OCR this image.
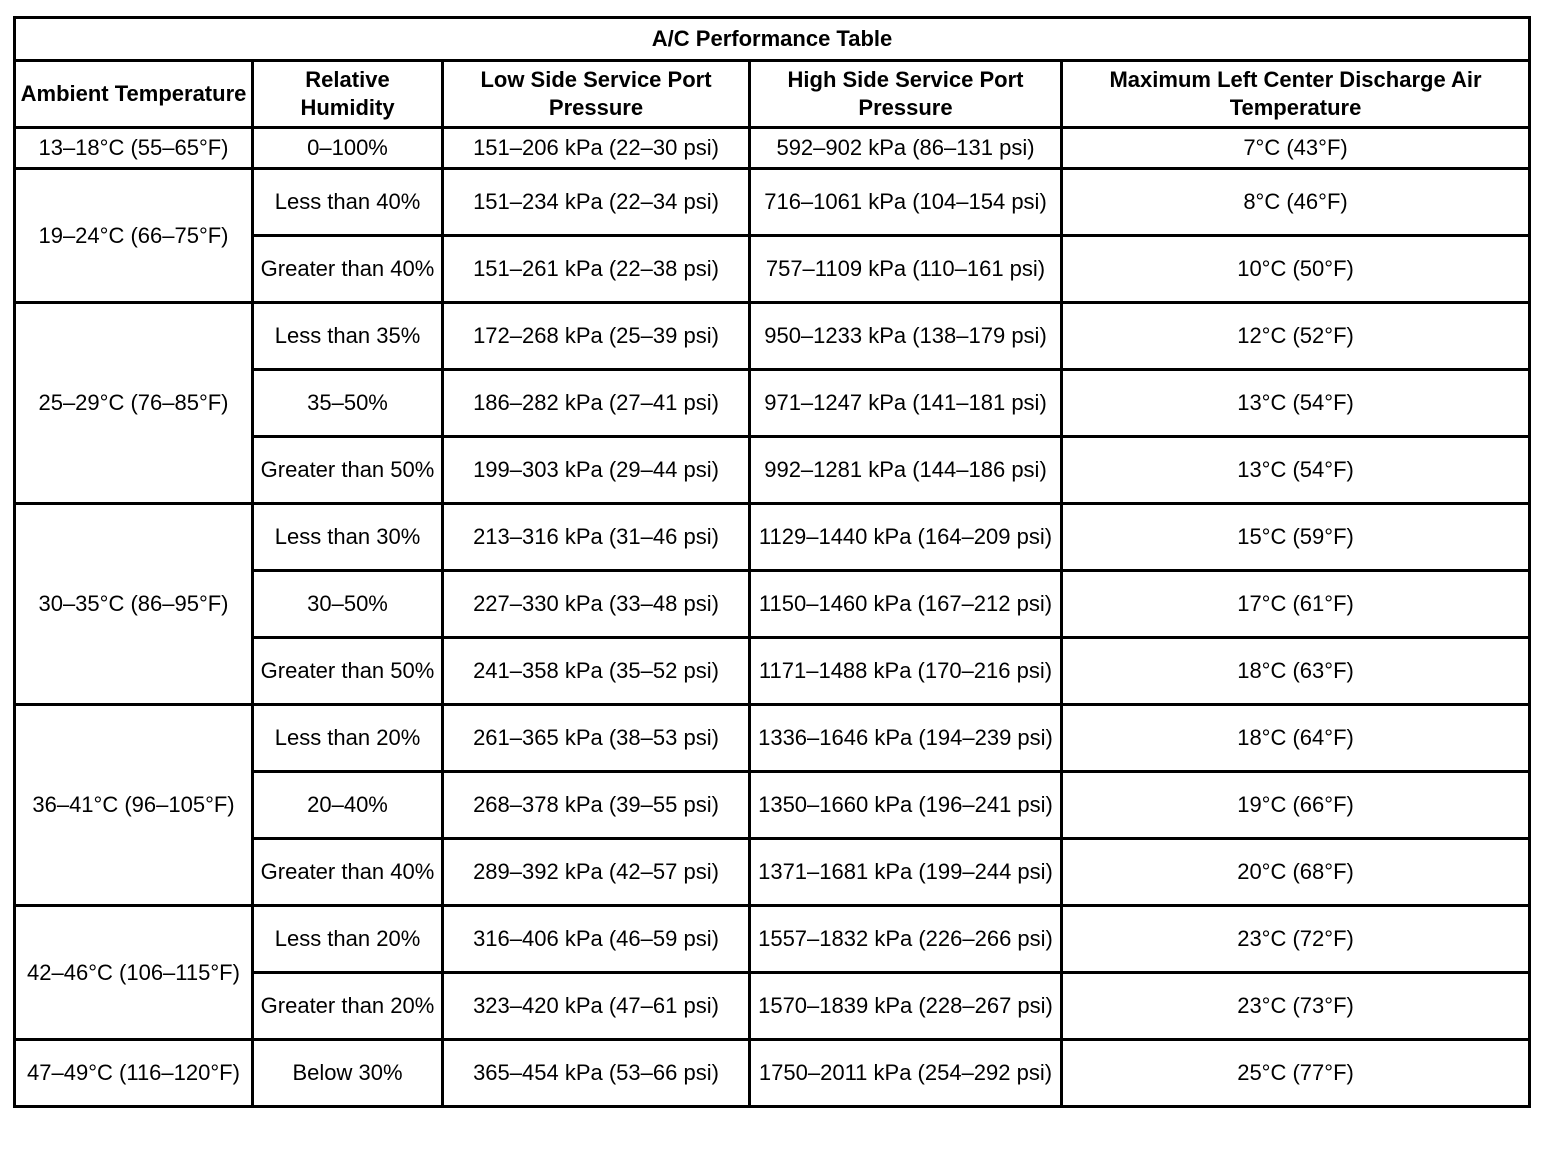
A/C Performance Table				
Ambient Temperature	Relative Humidity	Low Side Service Port Pressure	High Side Service Port Pressure	Maximum Left Center Discharge Air Temperature
13–18°C (55–65°F)	0–100%	151–206 kPa (22–30 psi)	592–902 kPa (86–131 psi)	7°C (43°F)
19–24°C (66–75°F)	Less than 40%	151–234 kPa (22–34 psi)	716–1061 kPa (104–154 psi)	8°C (46°F)
	Greater than 40%	151–261 kPa (22–38 psi)	757–1109 kPa (110–161 psi)	10°C (50°F)
25–29°C (76–85°F)	Less than 35%	172–268 kPa (25–39 psi)	950–1233 kPa (138–179 psi)	12°C (52°F)
	35–50%	186–282 kPa (27–41 psi)	971–1247 kPa (141–181 psi)	13°C (54°F)
	Greater than 50%	199–303 kPa (29–44 psi)	992–1281 kPa (144–186 psi)	13°C (54°F)
30–35°C (86–95°F)	Less than 30%	213–316 kPa (31–46 psi)	1129–1440 kPa (164–209 psi)	15°C (59°F)
	30–50%	227–330 kPa (33–48 psi)	1150–1460 kPa (167–212 psi)	17°C (61°F)
	Greater than 50%	241–358 kPa (35–52 psi)	1171–1488 kPa (170–216 psi)	18°C (63°F)
36–41°C (96–105°F)	Less than 20%	261–365 kPa (38–53 psi)	1336–1646 kPa (194–239 psi)	18°C (64°F)
	20–40%	268–378 kPa (39–55 psi)	1350–1660 kPa (196–241 psi)	19°C (66°F)
	Greater than 40%	289–392 kPa (42–57 psi)	1371–1681 kPa (199–244 psi)	20°C (68°F)
42–46°C (106–115°F)	Less than 20%	316–406 kPa (46–59 psi)	1557–1832 kPa (226–266 psi)	23°C (72°F)
	Greater than 20%	323–420 kPa (47–61 psi)	1570–1839 kPa (228–267 psi)	23°C (73°F)
47–49°C (116–120°F)	Below 30%	365–454 kPa (53–66 psi)	1750–2011 kPa (254–292 psi)	25°C (77°F)
